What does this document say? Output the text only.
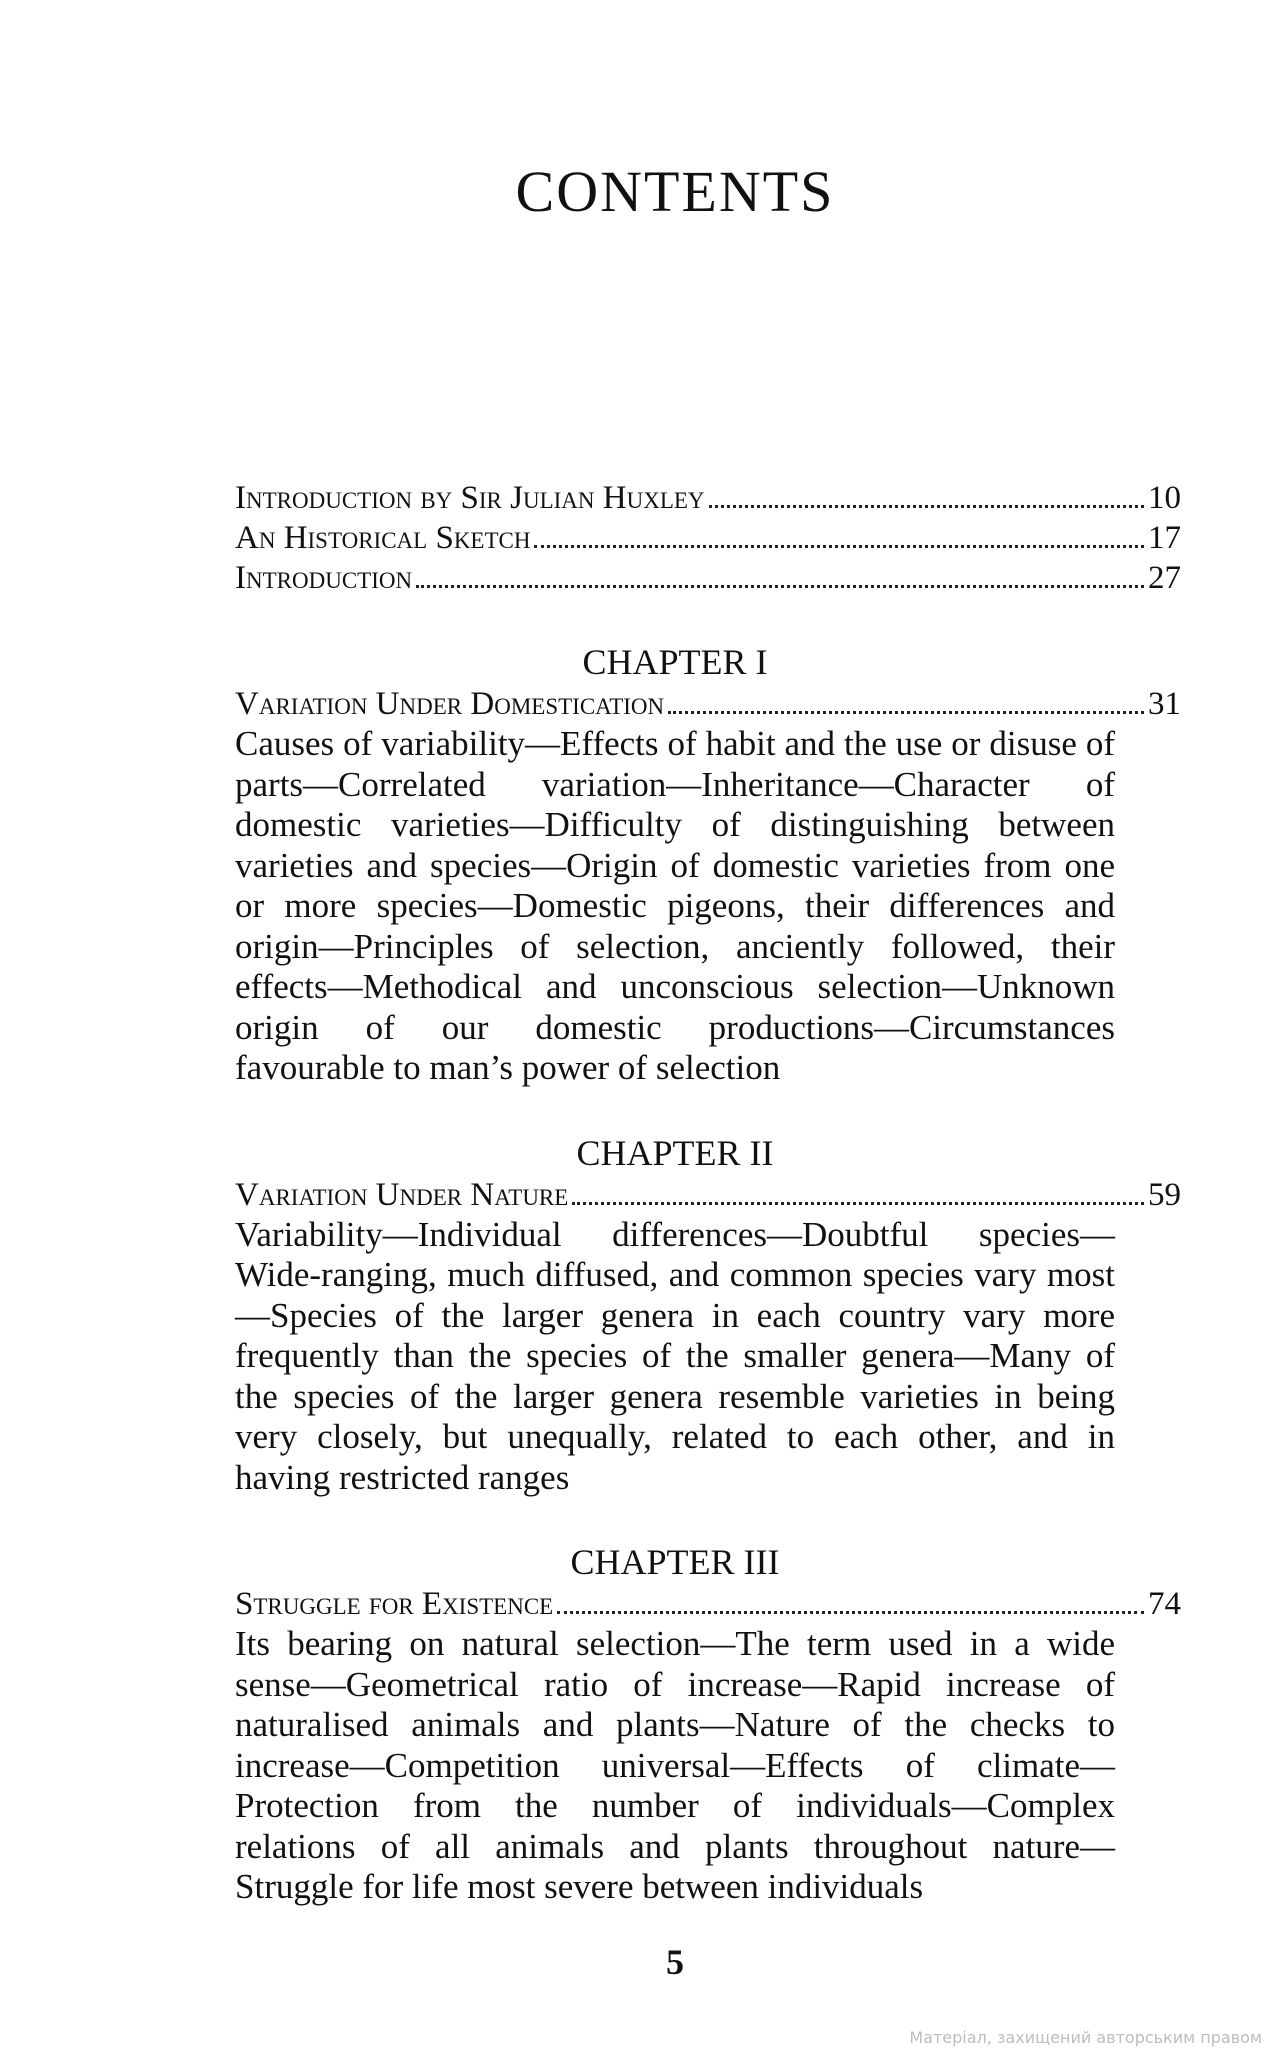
CONTENTS
Introduction by Sir Julian Huxley	10
An Historical Sketch	17
Introduction	27
CHAPTER I
Variation Under Domestication	31
Causes of variability—Effects of habit and the use or disuse of parts—Correlated variation—Inheritance—Character of domestic varieties—Difficulty of distinguishing between varieties and species—Origin of domestic varieties from one or more species—Domestic pigeons, their differences and origin—Principles of selection, anciently followed, their effects—Methodical and unconscious selection—Unknown origin of our domestic productions—Circumstances favourable to man’s power of selection
CHAPTER II
Variation Under Nature	59
Variability—Individual differences—Doubtful species—Wide-ranging, much diffused, and common species vary most—Species of the larger genera in each country vary more frequently than the species of the smaller genera—Many of the species of the larger genera resemble varieties in being very closely, but unequally, related to each other, and in having restricted ranges
CHAPTER III
Struggle for Existence	74
Its bearing on natural selection—The term used in a wide sense—Geometrical ratio of increase—Rapid increase of naturalised animals and plants—Nature of the checks to increase—Competition universal—Effects of climate—Protection from the number of individuals—Complex relations of all animals and plants throughout nature—Struggle for life most severe between individuals
5
Матеріал, захищений авторським правом
